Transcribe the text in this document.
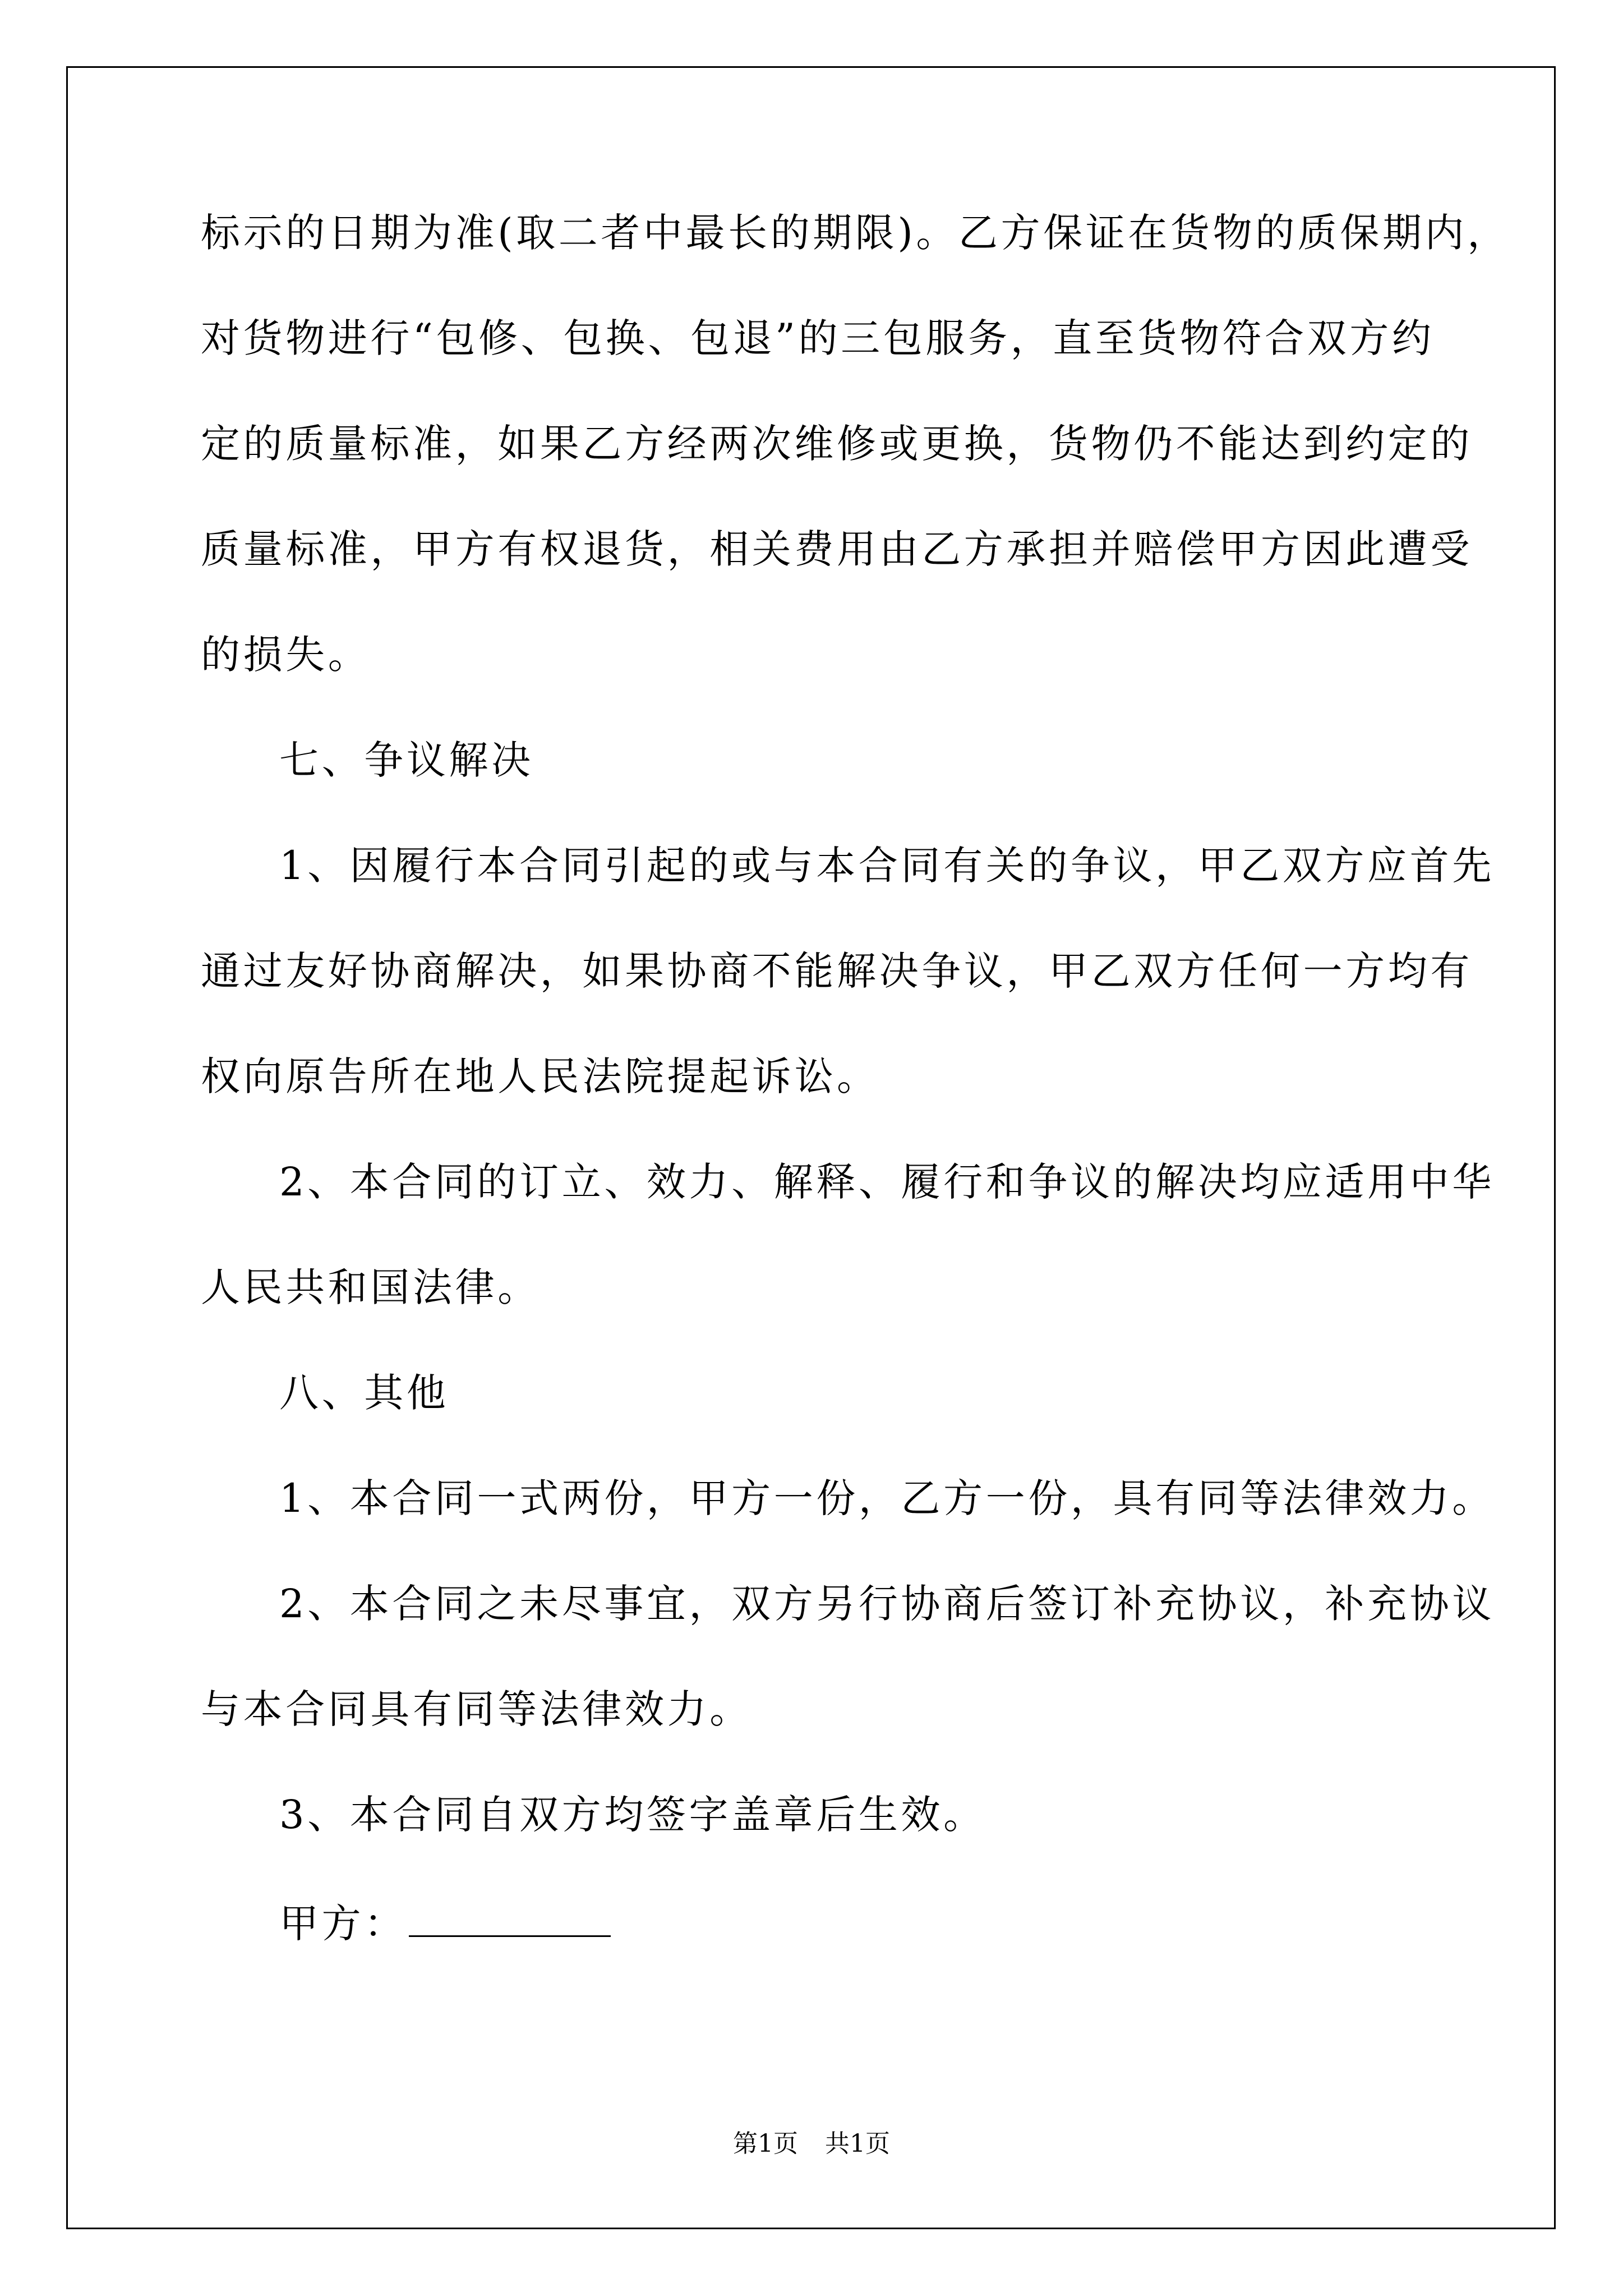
标示的日期为准(取二者中最长的期限)。乙方保证在货物的质保期内，
对货物进行“包修、包换、包退”的三包服务，直至货物符合双方约
定的质量标准，如果乙方经两次维修或更换，货物仍不能达到约定的
质量标准，甲方有权退货，相关费用由乙方承担并赔偿甲方因此遭受
的损失。
七、争议解决
1、因履行本合同引起的或与本合同有关的争议，甲乙双方应首先
通过友好协商解决，如果协商不能解决争议，甲乙双方任何一方均有
权向原告所在地人民法院提起诉讼。
2、本合同的订立、效力、解释、履行和争议的解决均应适用中华
人民共和国法律。
八、其他
1、本合同一式两份，甲方一份，乙方一份，具有同等法律效力。
2、本合同之未尽事宜，双方另行协商后签订补充协议，补充协议
与本合同具有同等法律效力。
3、本合同自双方均签字盖章后生效。
甲方：
第1页 共1页
